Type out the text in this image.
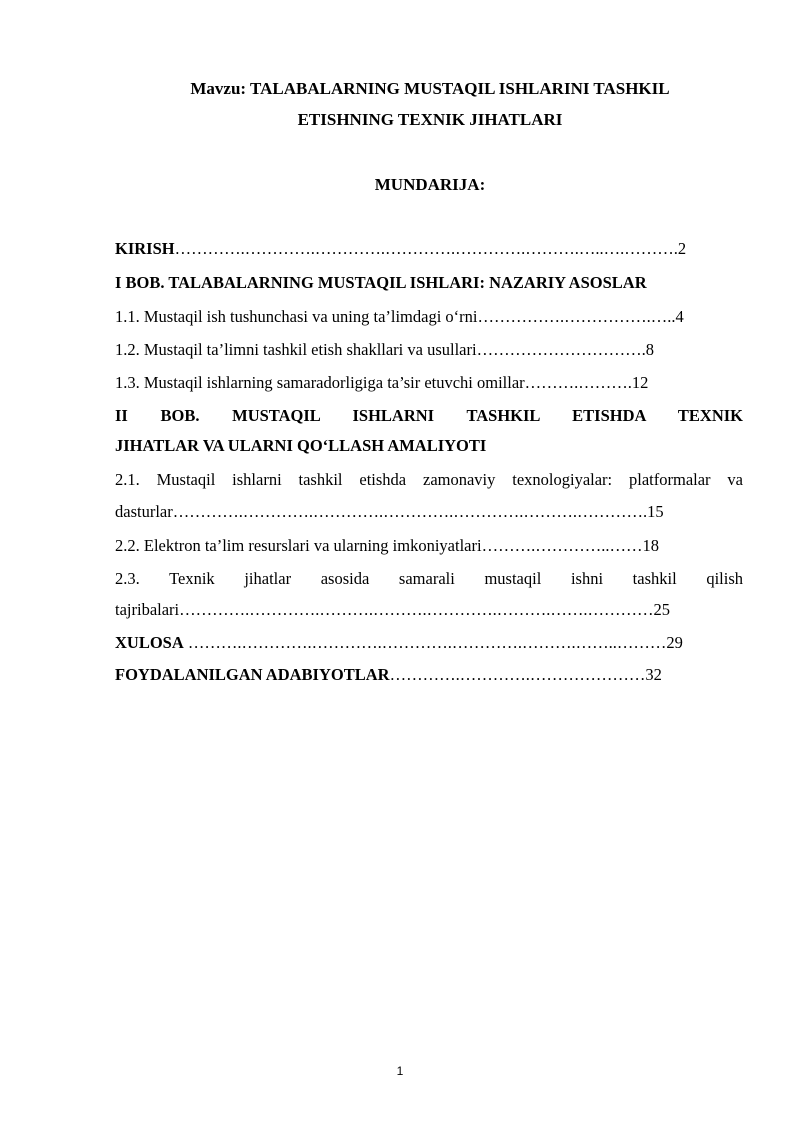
Mavzu: TALABALARNING MUSTAQIL ISHLARINI TASHKIL

ETISHNING TEXNIK JIHATLARI

MUNDARIJA:

KIRISH………….………….………….………….………….……….…..….……….2

I BOB. TALABALARNING MUSTAQIL ISHLARI: NAZARIY ASOSLAR

1.1. Mustaqil ish tushunchasi va uning ta’limdagi o‘rni…………….…………….…..4

1.2. Mustaqil ta’limni tashkil etish shakllari va usullari………………………….8

1.3. Mustaqil ishlarning samaradorligiga ta’sir etuvchi omillar……….……….12

II BOB. MUSTAQIL ISHLARNI TASHKIL ETISHDA TEXNIK

JIHATLAR VA ULARNI QO‘LLASH AMALIYOTI

2.1. Mustaqil ishlarni tashkil etishda zamonaviy texnologiyalar: platformalar va

dasturlar………….………….………….………….………….……….………….15

2.2. Elektron ta’lim resurslari va ularning imkoniyatlari……….…………..……18

2.3. Texnik jihatlar asosida samarali mustaqil ishni tashkil qilish

tajribalari………….………….……….……….………….……….…….…………25

XULOSA ……….………….………….………….………….……….……..………29

FOYDALANILGAN ADABIYOTLAR………….………….…………………32

1
